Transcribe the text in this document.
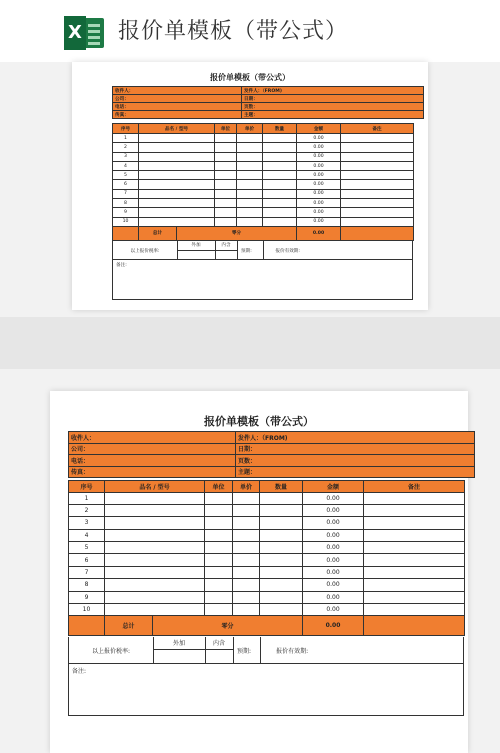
X 报价单模板（带公式）
报价单模板（带公式）
收件人：	发件人：（FROM)
公司：	日期：
电话：	页数：
传真：	主题：
序号	品名 / 型号		单位	单价	数量	金额	备注
1						0.00	
2						0.00	
3						0.00	
4						0.00	
5						0.00	
6						0.00	
7						0.00	
8						0.00	
9						0.00	
10						0.00	
	总计	零分				0.00	
以上报价税率:
外加	内含
预期:	报价有效期:
备注:
报价单模板（带公式）
收件人：	发件人：（FROM)
公司：	日期：
电话：	页数：
传真：	主题：
序号	品名 / 型号		单位	单价	数量	金额	备注
1						0.00	
2						0.00	
3						0.00	
4						0.00	
5						0.00	
6						0.00	
7						0.00	
8						0.00	
9						0.00	
10						0.00	
	总计	零分				0.00	
以上报价税率:
外加	内含
预期:	报价有效期:
备注:
